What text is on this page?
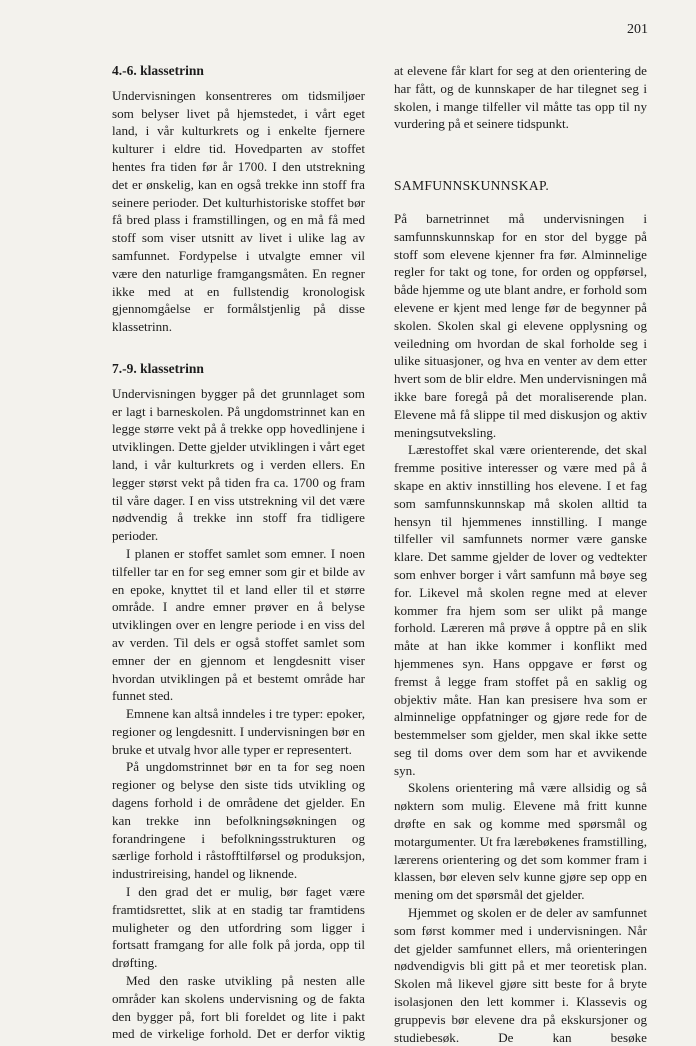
201
4.-6. klassetrinn

Undervisningen konsentreres om tidsmiljøer som belyser livet på hjemstedet, i vårt eget land, i vår kulturkrets og i enkelte fjernere kulturer i eldre tid. Hovedparten av stoffet hentes fra tiden før år 1700. I den utstrekning det er ønskelig, kan en også trekke inn stoff fra seinere perioder. Det kulturhistoriske stoffet bør få bred plass i framstillingen, og en må få med stoff som viser utsnitt av livet i ulike lag av samfunnet. Fordypelse i utvalgte emner vil være den naturlige framgangsmåten. En regner ikke med at en fullstendig kronologisk gjennomgåelse er formålstjenlig på disse klassetrinn.

7.-9. klassetrinn

Undervisningen bygger på det grunnlaget som er lagt i barneskolen. På ungdomstrinnet kan en legge større vekt på å trekke opp hovedlinjene i utviklingen. Dette gjelder utviklingen i vårt eget land, i vår kulturkrets og i verden ellers. En legger størst vekt på tiden fra ca. 1700 og fram til våre dager. I en viss utstrekning vil det være nødvendig å trekke inn stoff fra tidligere perioder.

I planen er stoffet samlet som emner. I noen tilfeller tar en for seg emner som gir et bilde av en epoke, knyttet til et land eller til et større område. I andre emner prøver en å belyse utviklingen over en lengre periode i en viss del av verden. Til dels er også stoffet samlet som emner der en gjennom et lengdesnitt viser hvordan utviklingen på et bestemt område har funnet sted.

Emnene kan altså inndeles i tre typer: epoker, regioner og lengdesnitt. I undervisningen bør en bruke et utvalg hvor alle typer er representert.

På ungdomstrinnet bør en ta for seg noen regioner og belyse den siste tids utvikling og dagens forhold i de områdene det gjelder. En kan trekke inn befolkningsøkningen og forandringene i befolkningsstrukturen og særlige forhold i råstofftilførsel og produksjon, industrireising, handel og liknende.

I den grad det er mulig, bør faget være framtidsrettet, slik at en stadig tar framtidens muligheter og den utfordring som ligger i fortsatt framgang for alle folk på jorda, opp til drøfting.

Med den raske utvikling på nesten alle områder kan skolens undervisning og de fakta den bygger på, fort bli foreldet og lite i pakt med de virkelige forhold. Det er derfor viktig

at elevene får klart for seg at den orientering de har fått, og de kunnskaper de har tilegnet seg i skolen, i mange tilfeller vil måtte tas opp til ny vurdering på et seinere tidspunkt.

SAMFUNNSKUNNSKAP.

På barnetrinnet må undervisningen i samfunnskunnskap for en stor del bygge på stoff som elevene kjenner fra før. Alminnelige regler for takt og tone, for orden og oppførsel, både hjemme og ute blant andre, er forhold som elevene er kjent med lenge før de begynner på skolen. Skolen skal gi elevene opplysning og veiledning om hvordan de skal forholde seg i ulike situasjoner, og hva en venter av dem etter hvert som de blir eldre. Men undervisningen må ikke bare foregå på det moraliserende plan. Elevene må få slippe til med diskusjon og aktiv meningsutveksling.

Lærestoffet skal være orienterende, det skal fremme positive interesser og være med på å skape en aktiv innstilling hos elevene. I et fag som samfunnskunnskap må skolen alltid ta hensyn til hjemmenes innstilling. I mange tilfeller vil samfunnets normer være ganske klare. Det samme gjelder de lover og vedtekter som enhver borger i vårt samfunn må bøye seg for. Likevel må skolen regne med at elever kommer fra hjem som ser ulikt på mange forhold. Læreren må prøve å opptre på en slik måte at han ikke kommer i konflikt med hjemmenes syn. Hans oppgave er først og fremst å legge fram stoffet på en saklig og objektiv måte. Han kan presisere hva som er alminnelige oppfatninger og gjøre rede for de bestemmelser som gjelder, men skal ikke sette seg til doms over dem som har et avvikende syn.

Skolens orientering må være allsidig og så nøktern som mulig. Elevene må fritt kunne drøfte en sak og komme med spørsmål og motargumenter. Ut fra lærebøkenes framstilling, lærerens orientering og det som kommer fram i klassen, bør eleven selv kunne gjøre sep opp en mening om det spørsmål det gjelder.

Hjemmet og skolen er de deler av samfunnet som først kommer med i undervisningen. Når det gjelder samfunnet ellers, må orienteringen nødvendigvis bli gitt på et mer teoretisk plan. Skolen må likevel gjøre sitt beste for å bryte isolasjonen den lett kommer i. Klassevis og gruppevis bør elevene dra på ekskursjoner og studiebesøk. De kan besøke
